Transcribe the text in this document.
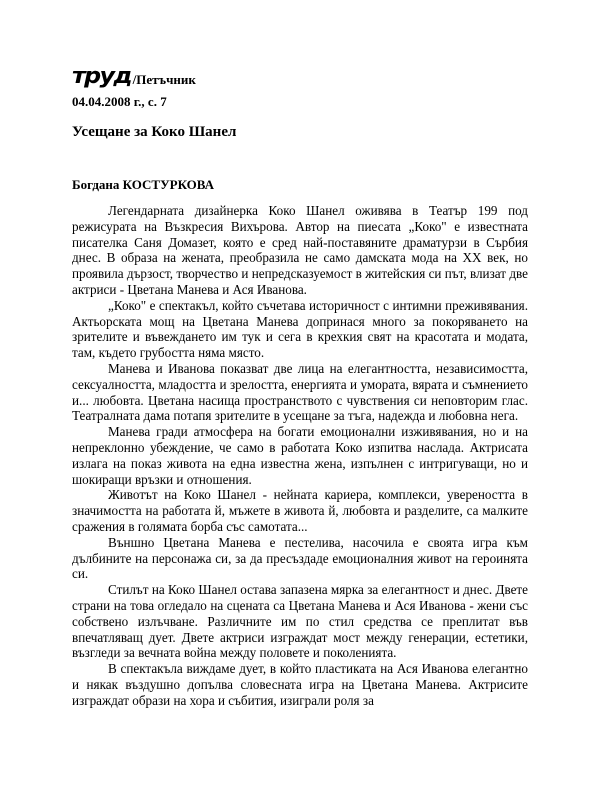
труд /Петъчник
04.04.2008 г., с. 7
Усещане за Коко Шанел
Богдана КОСТУРКОВА

Легендарната дизайнерка Коко Шанел оживява в Театър 199 под режисурата на Възкресия Вихърова. Автор на пиесата „Коко" е известната писателка Саня Домазет, която е сред най-поставяните драматурзи в Сърбия днес. В образа на жената, преобразила не само дамската мода на ХХ век, но проявила дързост, творчество и непредсказуемост в житейския си път, влизат две актриси - Цветана Манева и Ася Иванова.

„Коко" е спектакъл, който съчетава историчност с интимни преживявания. Актьорската мощ на Цветана Манева допринася много за покоряването на зрителите и въвеждането им тук и сега в крехкия свят на красотата и модата, там, където грубостта няма място.

Манева и Иванова показват две лица на елегантността, независимостта, сексуалността, младостта и зрелостта, енергията и умората, вярата и съмнението и... любовта. Цветана насища пространството с чувствения си неповторим глас. Театралната дама потапя зрителите в усещане за тъга, надежда и любовна нега.

Манева гради атмосфера на богати емоционални изживявания, но и на непреклонно убеждение, че само в работата Коко изпитва наслада. Актрисата излага на показ живота на една известна жена, изпълнен с интригуващи, но и шокиращи връзки и отношения.

Животът на Коко Шанел - нейната кариера, комплекси, увереността в значимостта на работата й, мъжете в живота й, любовта и разделите, са малките сражения в голямата борба със самотата...

Външно Цветана Манева е пестелива, насочила е своята игра към дълбините на персонажа си, за да пресъздаде емоционалния живот на героинята си.

Стилът на Коко Шанел остава запазена мярка за елегантност и днес. Двете страни на това огледало на сцената са Цветана Манева и Ася Иванова - жени със собствено излъчване. Различните им по стил средства се преплитат във впечатляващ дует. Двете актриси изграждат мост между генерации, естетики, възгледи за вечната война между половете и поколенията.

В спектакъла виждаме дует, в който пластиката на Ася Иванова елегантно и някак въздушно допълва словесната игра на Цветана Манева. Актрисите изграждат образи на хора и събития, изиграли роля за
